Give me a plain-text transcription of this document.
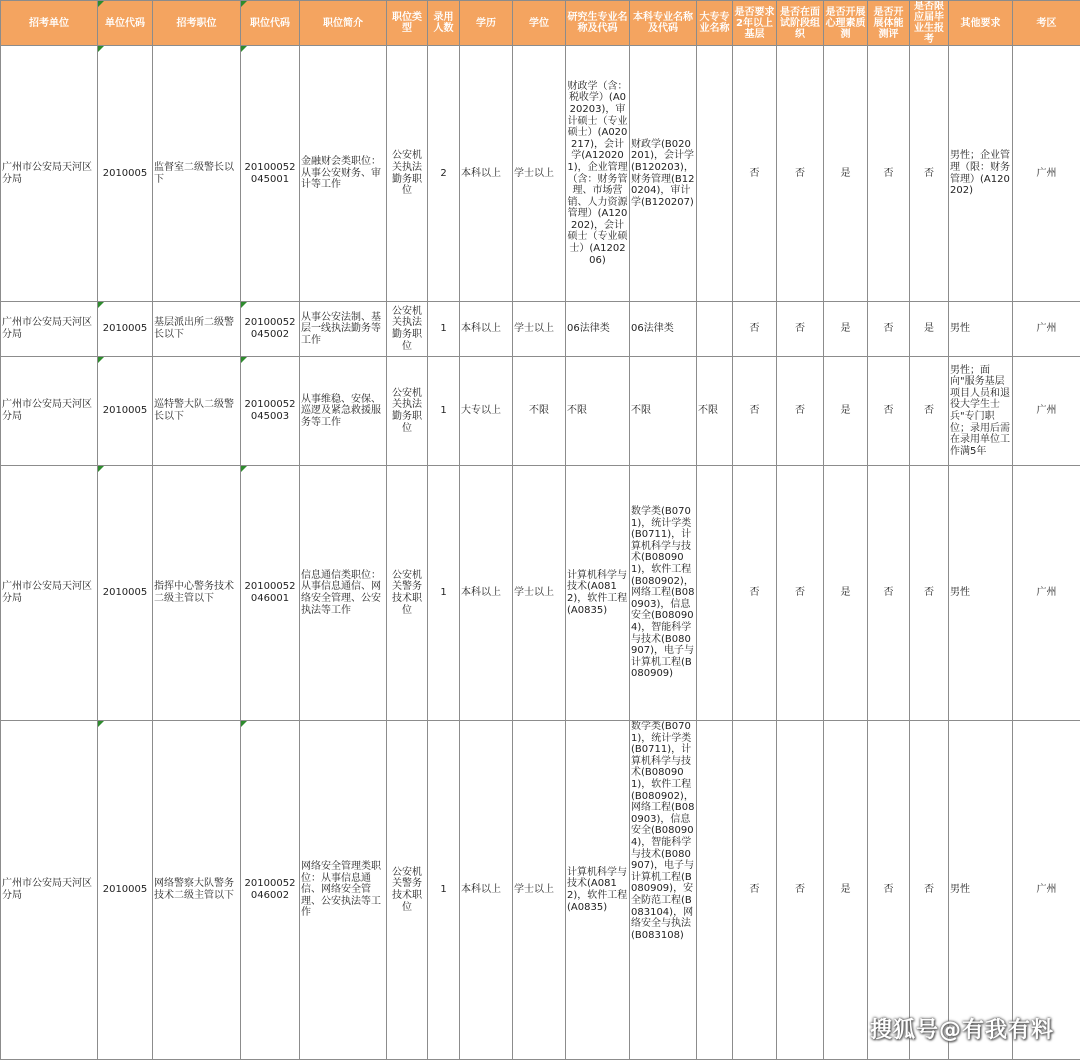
招考单位	单位代码	招考职位	职位代码	职位简介	职位类型	录用人数	学历	学位	研究生专业名称及代码	本科专业名称及代码	大专专业名称	是否要求2年以上基层	是否在面试阶段组织	是否开展心理素质测	是否开展体能测评	是否限应届毕业生报考	其他要求	考区
广州市公安局天河区分局	2010005	监督室二级警长以下	20100052045001	金融财会类职位：从事公安财务、审计等工作	公安机关执法勤务职位	2	本科以上	学士以上	财政学（含：税收学）(A020203)，审计硕士（专业硕士）(A020217)，会计学(A120201)，企业管理（含：财务管理、市场营销、人力资源管理）(A120202)，会计硕士（专业硕士）(A120206)	财政学(B020201)，会计学(B120203)，财务管理(B120204)，审计学(B120207)		否	否	是	否	否	男性；企业管理（限：财务管理）(A120202)	广州
广州市公安局天河区分局	2010005	基层派出所二级警长以下	20100052045002	从事公安法制、基层一线执法勤务等工作	公安机关执法勤务职位	1	本科以上	学士以上	06法律类	06法律类		否	否	是	否	是	男性	广州
广州市公安局天河区分局	2010005	巡特警大队二级警长以下	20100052045003	从事维稳、安保、巡逻及紧急救援服务等工作	公安机关执法勤务职位	1	大专以上	不限	不限	不限	不限	否	否	是	否	否	男性；面向"服务基层项目人员和退役大学生士兵"专门职位；录用后需在录用单位工作满5年	广州
广州市公安局天河区分局	2010005	指挥中心警务技术二级主管以下	20100052046001	信息通信类职位：从事信息通信、网络安全管理、公安执法等工作	公安机关警务技术职位	1	本科以上	学士以上	计算机科学与技术(A0812)，软件工程(A0835)	数学类(B0701)，统计学类(B0711)，计算机科学与技术(B080901)，软件工程(B080902)，网络工程(B080903)，信息安全(B080904)，智能科学与技术(B080907)，电子与计算机工程(B080909)		否	否	是	否	否	男性	广州
广州市公安局天河区分局	2010005	网络警察大队警务技术二级主管以下	20100052046002	网络安全管理类职位：从事信息通信、网络安全管理、公安执法等工作	公安机关警务技术职位	1	本科以上	学士以上	计算机科学与技术(A0812)，软件工程(A0835)	数学类(B0701)，统计学类(B0711)，计算机科学与技术(B080901)，软件工程(B080902)，网络工程(B080903)，信息安全(B080904)，智能科学与技术(B080907)，电子与计算机工程(B080909)，安全防范工程(B083104)，网络安全与执法(B083108)		否	否	是	否	否	男性	广州
搜狐号@有我有料
